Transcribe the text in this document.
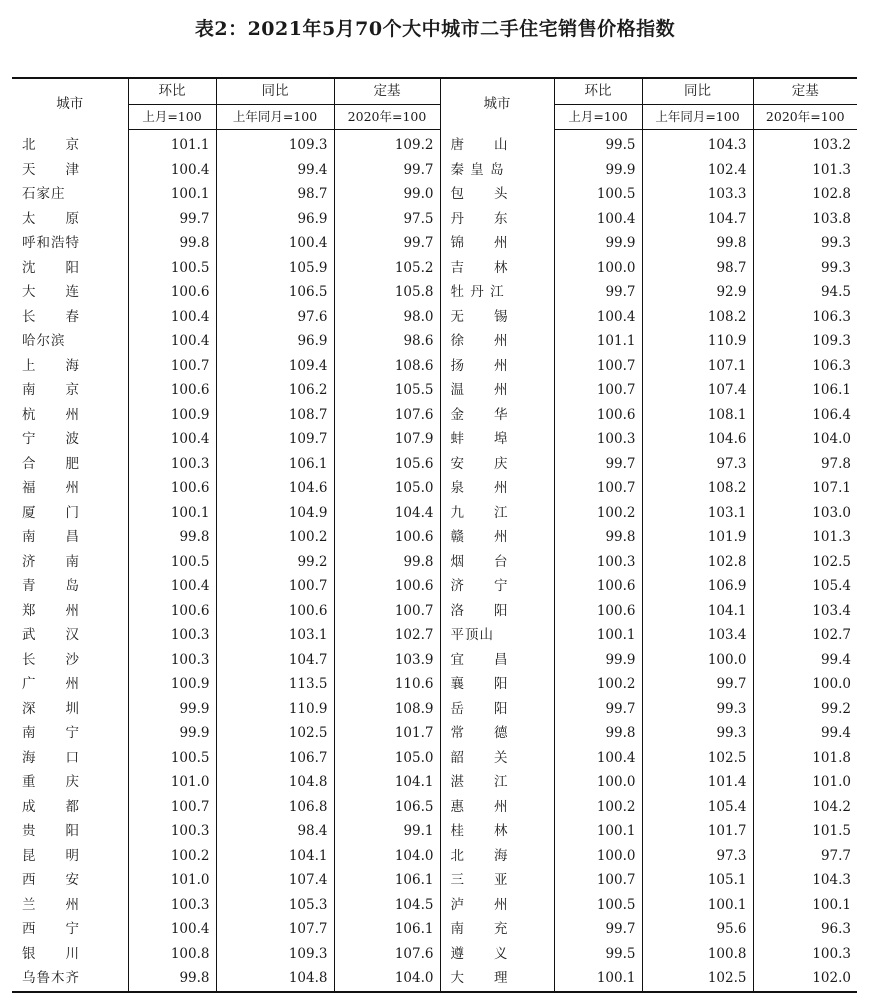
表2：2021年5月70个大中城市二手住宅销售价格指数
城市	环比	同比	定基	城市	环比	同比	定基
	上月=100	上年同月=100	2020年=100		上月=100	上年同月=100	2020年=100
北　　京	101.1	109.3	109.2	唐　　山	99.5	104.3	103.2
天　　津	100.4	99.4	99.7	秦 皇 岛	99.9	102.4	101.3
石家庄	100.1	98.7	99.0	包　　头	100.5	103.3	102.8
太　　原	99.7	96.9	97.5	丹　　东	100.4	104.7	103.8
呼和浩特	99.8	100.4	99.7	锦　　州	99.9	99.8	99.3
沈　　阳	100.5	105.9	105.2	吉　　林	100.0	98.7	99.3
大　　连	100.6	106.5	105.8	牡 丹 江	99.7	92.9	94.5
长　　春	100.4	97.6	98.0	无　　锡	100.4	108.2	106.3
哈尔滨	100.4	96.9	98.6	徐　　州	101.1	110.9	109.3
上　　海	100.7	109.4	108.6	扬　　州	100.7	107.1	106.3
南　　京	100.6	106.2	105.5	温　　州	100.7	107.4	106.1
杭　　州	100.9	108.7	107.6	金　　华	100.6	108.1	106.4
宁　　波	100.4	109.7	107.9	蚌　　埠	100.3	104.6	104.0
合　　肥	100.3	106.1	105.6	安　　庆	99.7	97.3	97.8
福　　州	100.6	104.6	105.0	泉　　州	100.7	108.2	107.1
厦　　门	100.1	104.9	104.4	九　　江	100.2	103.1	103.0
南　　昌	99.8	100.2	100.6	赣　　州	99.8	101.9	101.3
济　　南	100.5	99.2	99.8	烟　　台	100.3	102.8	102.5
青　　岛	100.4	100.7	100.6	济　　宁	100.6	106.9	105.4
郑　　州	100.6	100.6	100.7	洛　　阳	100.6	104.1	103.4
武　　汉	100.3	103.1	102.7	平顶山	100.1	103.4	102.7
长　　沙	100.3	104.7	103.9	宜　　昌	99.9	100.0	99.4
广　　州	100.9	113.5	110.6	襄　　阳	100.2	99.7	100.0
深　　圳	99.9	110.9	108.9	岳　　阳	99.7	99.3	99.2
南　　宁	99.9	102.5	101.7	常　　德	99.8	99.3	99.4
海　　口	100.5	106.7	105.0	韶　　关	100.4	102.5	101.8
重　　庆	101.0	104.8	104.1	湛　　江	100.0	101.4	101.0
成　　都	100.7	106.8	106.5	惠　　州	100.2	105.4	104.2
贵　　阳	100.3	98.4	99.1	桂　　林	100.1	101.7	101.5
昆　　明	100.2	104.1	104.0	北　　海	100.0	97.3	97.7
西　　安	101.0	107.4	106.1	三　　亚	100.7	105.1	104.3
兰　　州	100.3	105.3	104.5	泸　　州	100.5	100.1	100.1
西　　宁	100.4	107.7	106.1	南　　充	99.7	95.6	96.3
银　　川	100.8	109.3	107.6	遵　　义	99.5	100.8	100.3
乌鲁木齐	99.8	104.8	104.0	大　　理	100.1	102.5	102.0
